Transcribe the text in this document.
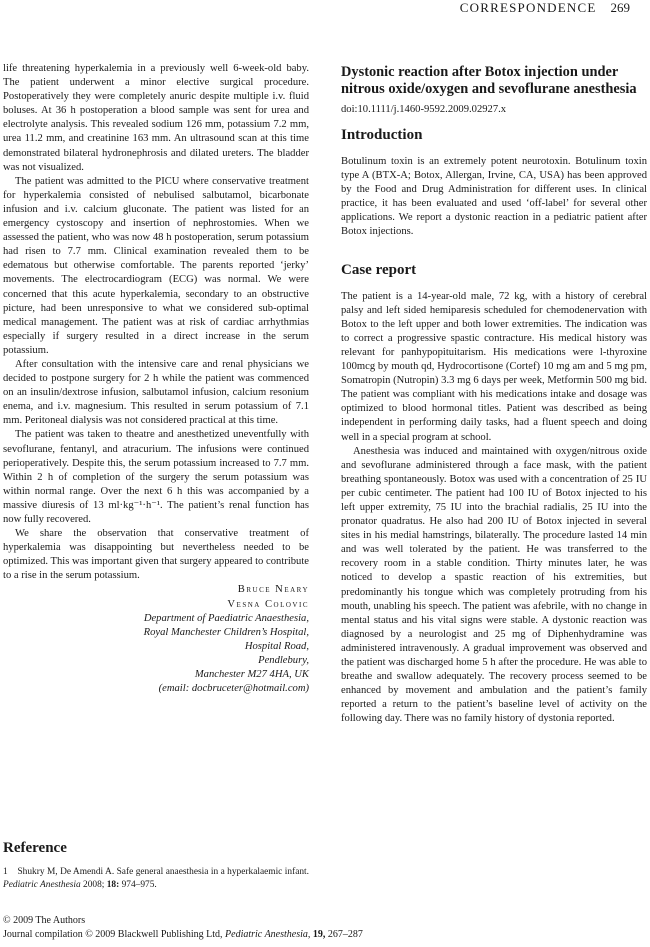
CORRESPONDENCE 269

life threatening hyperkalemia in a previously well 6-week-old baby. The patient underwent a minor elective surgical procedure. Postoperatively they were completely anuric despite multiple i.v. fluid boluses. At 36 h postoperation a blood sample was sent for urea and electrolyte analysis. This revealed sodium 126 mm, potassium 7.2 mm, urea 11.2 mm, and creatinine 163 mm. An ultrasound scan at this time demonstrated bilateral hydronephrosis and dilated ureters. The bladder was not visualized.

The patient was admitted to the PICU where conservative treatment for hyperkalemia consisted of nebulised salbutamol, bicarbonate infusion and i.v. calcium gluconate. The patient was listed for an emergency cystoscopy and insertion of nephrostomies. When we assessed the patient, who was now 48 h postoperation, serum potassium had risen to 7.7 mm. Clinical examination revealed them to be edematous but otherwise comfortable. The parents reported ‘jerky’ movements. The electrocardiogram (ECG) was normal. We were concerned that this acute hyperkalemia, secondary to an obstructive picture, had been unresponsive to what we considered sub-optimal medical management. The patient was at risk of cardiac arrhythmias especially if surgery resulted in a direct increase in the serum potassium.

After consultation with the intensive care and renal physicians we decided to postpone surgery for 2 h while the patient was commenced on an insulin/dextrose infusion, salbutamol infusion, calcium resonium enema, and i.v. magnesium. This resulted in serum potassium of 7.1 mm. Peritoneal dialysis was not considered practical at this time.

The patient was taken to theatre and anesthetized uneventfully with sevoflurane, fentanyl, and atracurium. The infusions were continued perioperatively. Despite this, the serum potassium increased to 7.7 mm. Within 2 h of completion of the surgery the serum potassium was within normal range. Over the next 6 h this was accompanied by a massive diuresis of 13 ml·kg⁻¹·h⁻¹. The patient’s renal function has now fully recovered.

We share the observation that conservative treatment of hyperkalemia was disappointing but nevertheless needed to be optimized. This was important given that surgery appeared to contribute to a rise in the serum potassium.

Bruce Neary
Vesna Colovic
Department of Paediatric Anaesthesia,
Royal Manchester Children’s Hospital,
Hospital Road,
Pendlebury,
Manchester M27 4HA, UK
(email: docbruceter@hotmail.com)
Reference
1 Shukry M, De Amendi A. Safe general anaesthesia in a hyperkalaemic infant. Pediatric Anesthesia 2008; 18: 974–975.
Dystonic reaction after Botox injection under nitrous oxide/oxygen and sevoflurane anesthesia
doi:10.1111/j.1460-9592.2009.02927.x
Introduction

Botulinum toxin is an extremely potent neurotoxin. Botulinum toxin type A (BTX-A; Botox, Allergan, Irvine, CA, USA) has been approved by the Food and Drug Administration for different uses. In clinical practice, it has been evaluated and used ‘off-label’ for several other applications. We report a dystonic reaction in a pediatric patient after Botox injections.

Case report

The patient is a 14-year-old male, 72 kg, with a history of cerebral palsy and left sided hemiparesis scheduled for chemodenervation with Botox to the left upper and both lower extremities. The indication was to correct a progressive spastic contracture. His medical history was relevant for panhypopituitarism. His medications were l-thyroxine 100mcg by mouth qd, Hydrocortisone (Cortef) 10 mg am and 5 mg pm, Somatropin (Nutropin) 3.3 mg 6 days per week, Metformin 500 mg bid. The patient was compliant with his medications intake and dosage was optimized to blood hormonal titles. Patient was described as being independent in performing daily tasks, had a fluent speech and doing well in a special program at school.

Anesthesia was induced and maintained with oxygen/nitrous oxide and sevoflurane administered through a face mask, with the patient breathing spontaneously. Botox was used with a concentration of 25 IU per cubic centimeter. The patient had 100 IU of Botox injected to his left upper extremity, 75 IU into the brachial radialis, 25 IU into the pronator quadratus. He also had 200 IU of Botox injected in several sites in his medial hamstrings, bilaterally. The procedure lasted 14 min and was well tolerated by the patient. He was transferred to the recovery room in a stable condition. Thirty minutes later, he was noticed to develop a spastic reaction of his extremities, but predominantly his tongue which was completely protruding from his mouth, unabling his speech. The patient was afebrile, with no change in mental status and his vital signs were stable. A dystonic reaction was diagnosed by a neurologist and 25 mg of Diphenhydramine was administered intravenously. A gradual improvement was observed and the patient was discharged home 5 h after the procedure. He was able to breathe and swallow adequately. The recovery process seemed to be enhanced by movement and ambulation and the patient’s family reported a return to the patient’s baseline level of activity on the following day. There was no family history of dystonia reported.

© 2009 The Authors
Journal compilation © 2009 Blackwell Publishing Ltd, Pediatric Anesthesia, 19, 267–287
